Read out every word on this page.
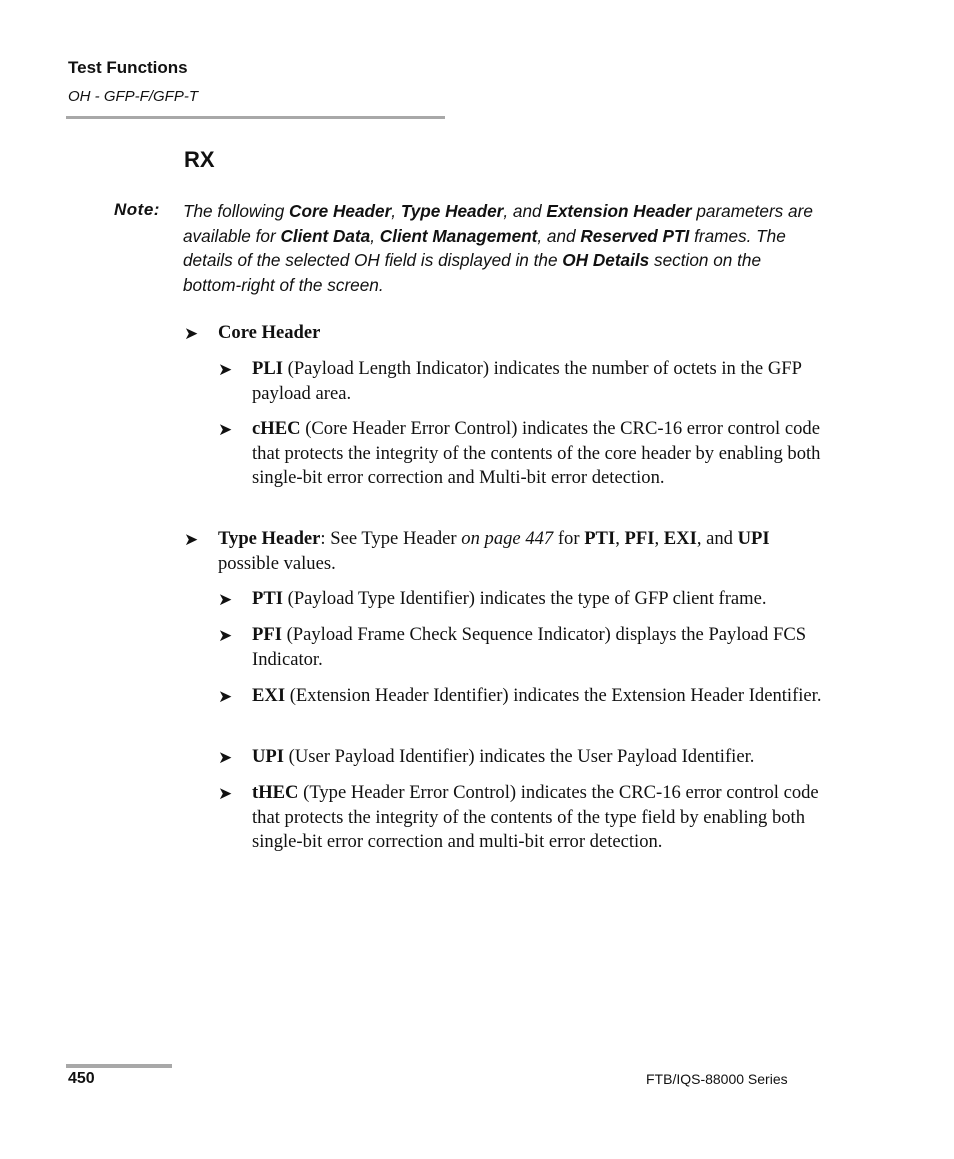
Test Functions
OH - GFP-F/GFP-T
RX
Note: The following Core Header, Type Header, and Extension Header parameters are available for Client Data, Client Management, and Reserved PTI frames. The details of the selected OH field is displayed in the OH Details section on the bottom-right of the screen.
➤ Core Header
➤ PLI (Payload Length Indicator) indicates the number of octets in the GFP payload area.
➤ cHEC (Core Header Error Control) indicates the CRC-16 error control code that protects the integrity of the contents of the core header by enabling both single-bit error correction and Multi-bit error detection.
➤ Type Header: See Type Header on page 447 for PTI, PFI, EXI, and UPI possible values.
➤ PTI (Payload Type Identifier) indicates the type of GFP client frame.
➤ PFI (Payload Frame Check Sequence Indicator) displays the Payload FCS Indicator.
➤ EXI (Extension Header Identifier) indicates the Extension Header Identifier.
➤ UPI (User Payload Identifier) indicates the User Payload Identifier.
➤ tHEC (Type Header Error Control) indicates the CRC-16 error control code that protects the integrity of the contents of the type field by enabling both single-bit error correction and multi-bit error detection.
450	FTB/IQS-88000 Series
